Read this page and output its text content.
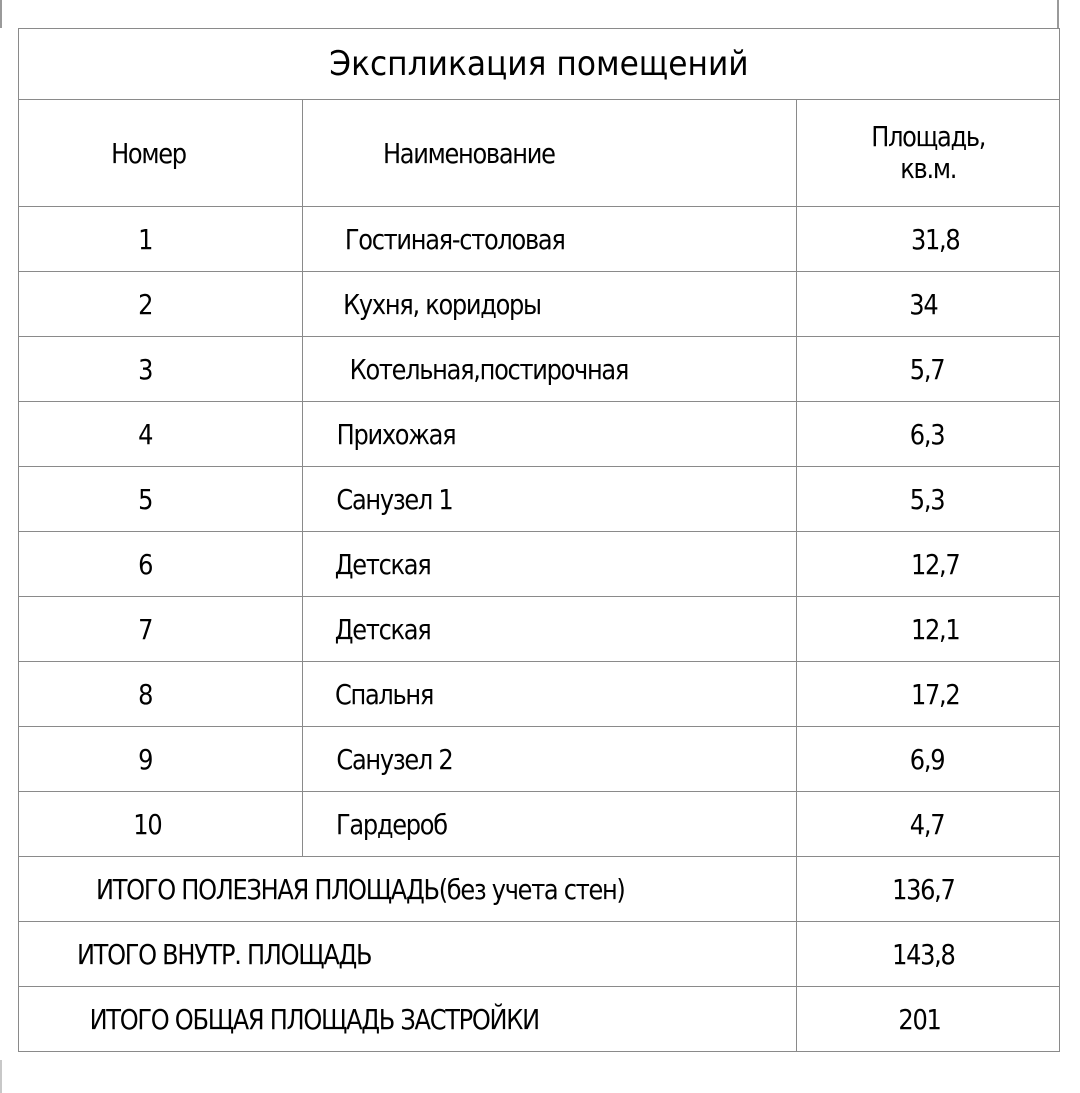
Экспликация помещений		
Номер	Наименование	Площадь,
кв.м.
1	Гостиная-столовая	31,8
2	Кухня, коридоры	34
3	Котельная,постирочная	5,7
4	Прихожая	6,3
5	Санузел 1	5,3
6	Детская	12,7
7	Детская	12,1
8	Спальня	17,2
9	Санузел 2	6,9
10	Гардероб	4,7
ИТОГО ПОЛЕЗНАЯ ПЛОЩАДЬ(без учета стен)		136,7
ИТОГО ВНУТР. ПЛОЩАДЬ		143,8
ИТОГО ОБЩАЯ ПЛОЩАДЬ ЗАСТРОЙКИ		201
